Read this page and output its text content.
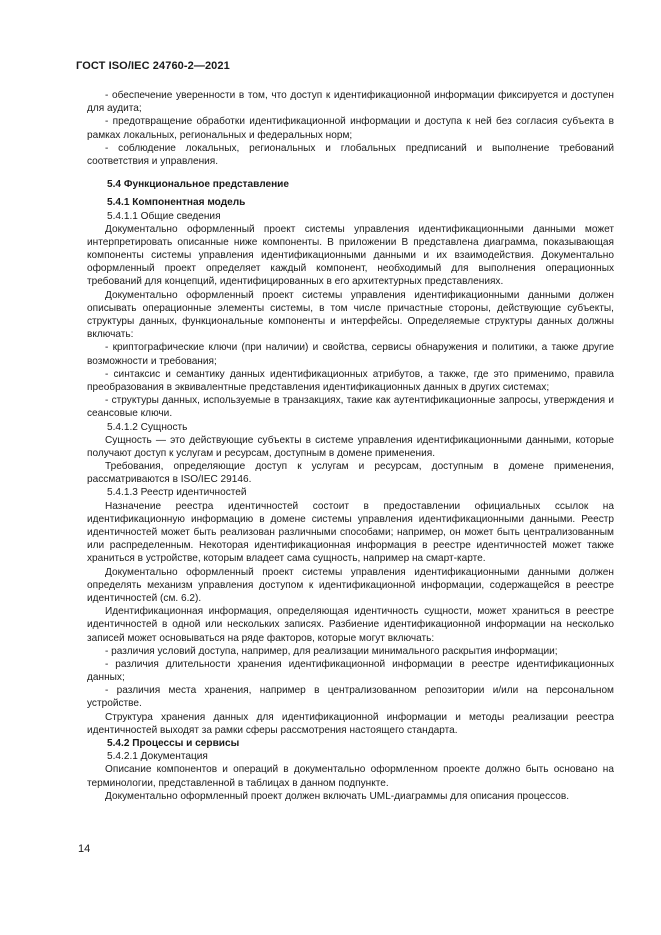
ГОСТ ISO/IEC 24760-2—2021

- обеспечение уверенности в том, что доступ к идентификационной информации фиксируется и доступен для аудита;

- предотвращение обработки идентификационной информации и доступа к ней без согласия субъекта в рамках локальных, региональных и федеральных норм;

- соблюдение локальных, региональных и глобальных предписаний и выполнение требований соответствия и управления.

5.4 Функциональное представление
5.4.1 Компонентная модель

5.4.1.1 Общие сведения

Документально оформленный проект системы управления идентификационными данными может интерпретировать описанные ниже компоненты. В приложении В представлена диаграмма, показывающая компоненты системы управления идентификационными данными и их взаимодействия. Документально оформленный проект определяет каждый компонент, необходимый для выполнения операционных требований для концепций, идентифицированных в его архитектурных представлениях.

Документально оформленный проект системы управления идентификационными данными должен описывать операционные элементы системы, в том числе причастные стороны, действующие субъекты, структуры данных, функциональные компоненты и интерфейсы. Определяемые структуры данных должны включать:

- криптографические ключи (при наличии) и свойства, сервисы обнаружения и политики, а также другие возможности и требования;

- синтаксис и семантику данных идентификационных атрибутов, а также, где это применимо, правила преобразования в эквивалентные представления идентификационных данных в других системах;

- структуры данных, используемые в транзакциях, такие как аутентификационные запросы, утверждения и сеансовые ключи.

5.4.1.2 Сущность

Сущность — это действующие субъекты в системе управления идентификационными данными, которые получают доступ к услугам и ресурсам, доступным в домене применения.

Требования, определяющие доступ к услугам и ресурсам, доступным в домене применения, рассматриваются в ISO/IEC 29146.

5.4.1.3 Реестр идентичностей

Назначение реестра идентичностей состоит в предоставлении официальных ссылок на идентификационную информацию в домене системы управления идентификационными данными. Реестр идентичностей может быть реализован различными способами; например, он может быть централизованным или распределенным. Некоторая идентификационная информация в реестре идентичностей может также храниться в устройстве, которым владеет сама сущность, например на смарт-карте.

Документально оформленный проект системы управления идентификационными данными должен определять механизм управления доступом к идентификационной информации, содержащейся в реестре идентичностей (см. 6.2).

Идентификационная информация, определяющая идентичность сущности, может храниться в реестре идентичностей в одной или нескольких записях. Разбиение идентификационной информации на несколько записей может основываться на ряде факторов, которые могут включать:

- различия условий доступа, например, для реализации минимального раскрытия информации;

- различия длительности хранения идентификационной информации в реестре идентификационных данных;

- различия места хранения, например в централизованном репозитории и/или на персональном устройстве.

Структура хранения данных для идентификационной информации и методы реализации реестра идентичностей выходят за рамки сферы рассмотрения настоящего стандарта.

5.4.2 Процессы и сервисы

5.4.2.1 Документация

Описание компонентов и операций в документально оформленном проекте должно быть основано на терминологии, представленной в таблицах в данном подпункте.

Документально оформленный проект должен включать UML-диаграммы для описания процессов.

14
